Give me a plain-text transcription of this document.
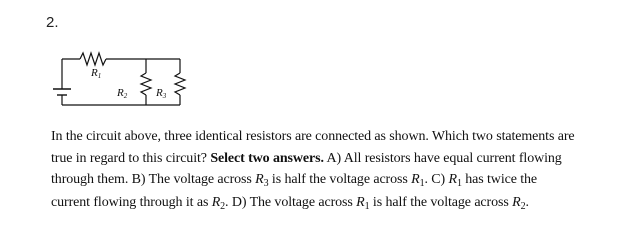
2.
R1
R2	R3
In the circuit above, three identical resistors are connected as shown. Which two statements are
true in regard to this circuit? Select two answers. A) All resistors have equal current flowing
through them. B) The voltage across $R_3$ is half the voltage across $R_1$. C) $R_1$ has twice the
current flowing through it as $R_2$. D) The voltage across $R_1$ is half the voltage across $R_2$.
